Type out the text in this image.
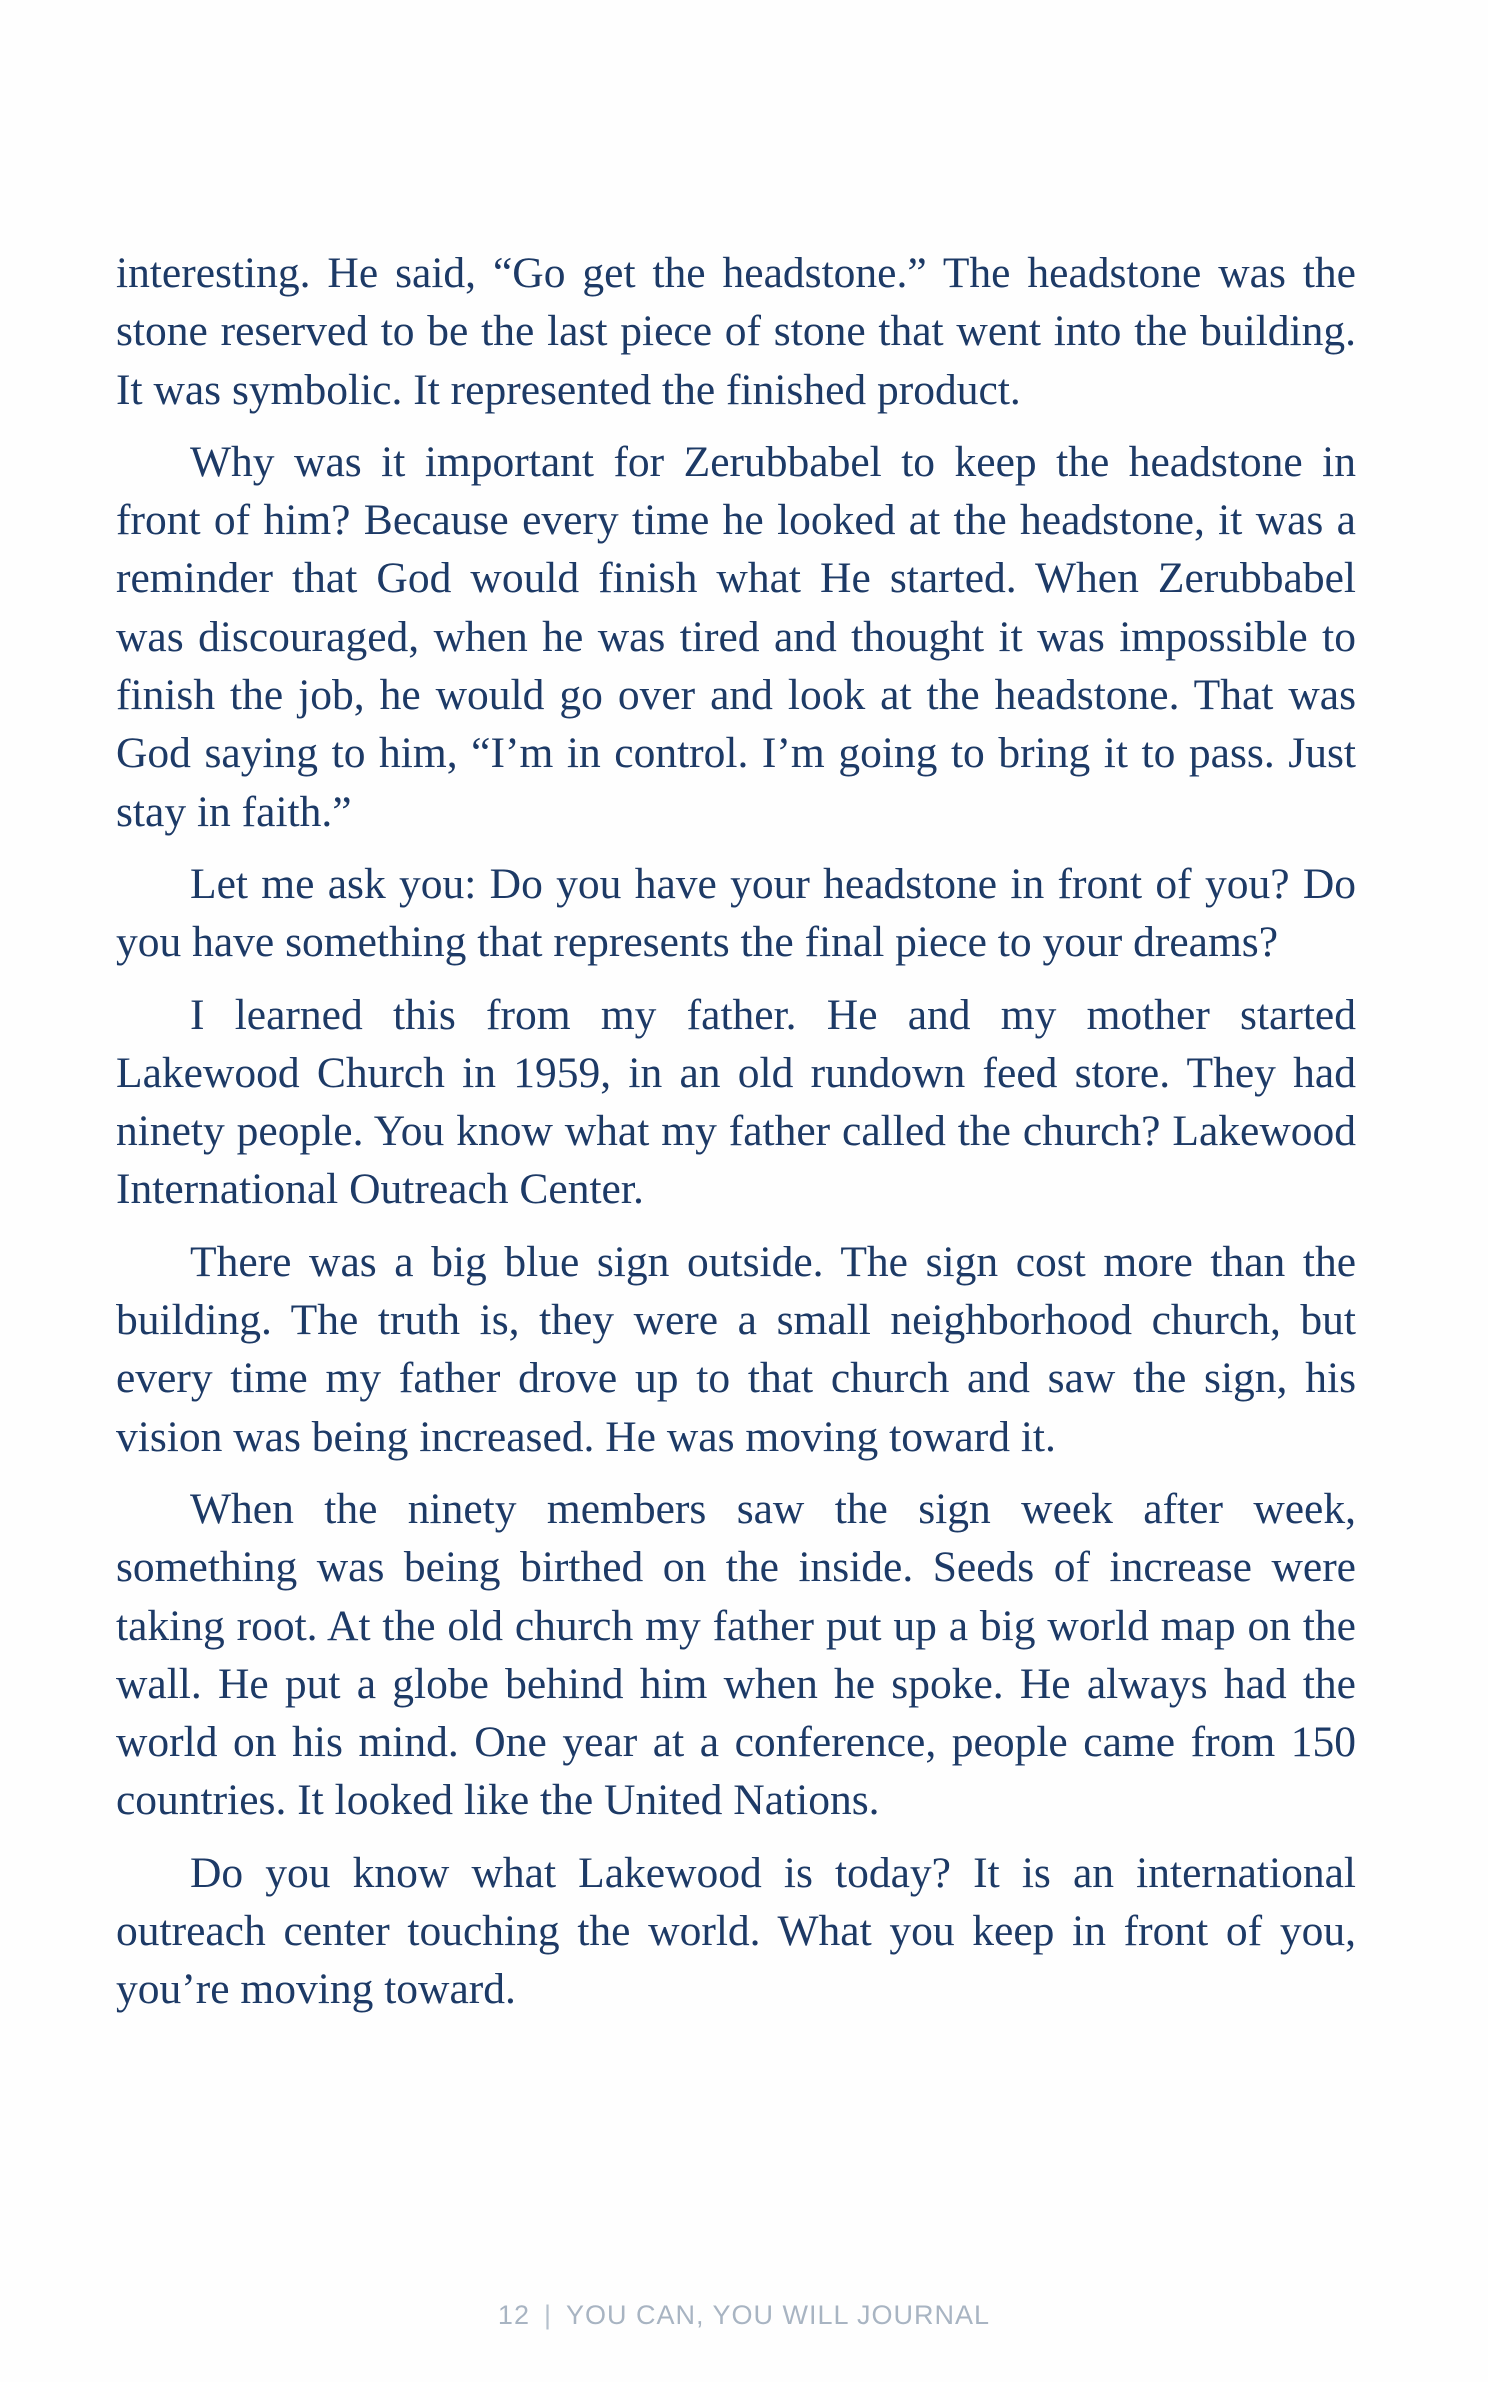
interesting. He said, “Go get the headstone.” The headstone was the stone reserved to be the last piece of stone that went into the building. It was symbolic. It represented the finished product.

Why was it important for Zerubbabel to keep the headstone in front of him? Because every time he looked at the headstone, it was a reminder that God would finish what He started. When Zerubbabel was discouraged, when he was tired and thought it was impossible to finish the job, he would go over and look at the headstone. That was God saying to him, “I’m in control. I’m going to bring it to pass. Just stay in faith.”

Let me ask you: Do you have your headstone in front of you? Do you have something that represents the final piece to your dreams?

I learned this from my father. He and my mother started Lakewood Church in 1959, in an old rundown feed store. They had ninety people. You know what my father called the church? Lakewood International Outreach Center.

There was a big blue sign outside. The sign cost more than the building. The truth is, they were a small neighborhood church, but every time my father drove up to that church and saw the sign, his vision was being increased. He was moving toward it.

When the ninety members saw the sign week after week, something was being birthed on the inside. Seeds of increase were taking root. At the old church my father put up a big world map on the wall. He put a globe behind him when he spoke. He always had the world on his mind. One year at a conference, people came from 150 countries. It looked like the United Nations.

Do you know what Lakewood is today? It is an international outreach center touching the world. What you keep in front of you, you’re moving toward.

12 | YOU CAN, YOU WILL JOURNAL
